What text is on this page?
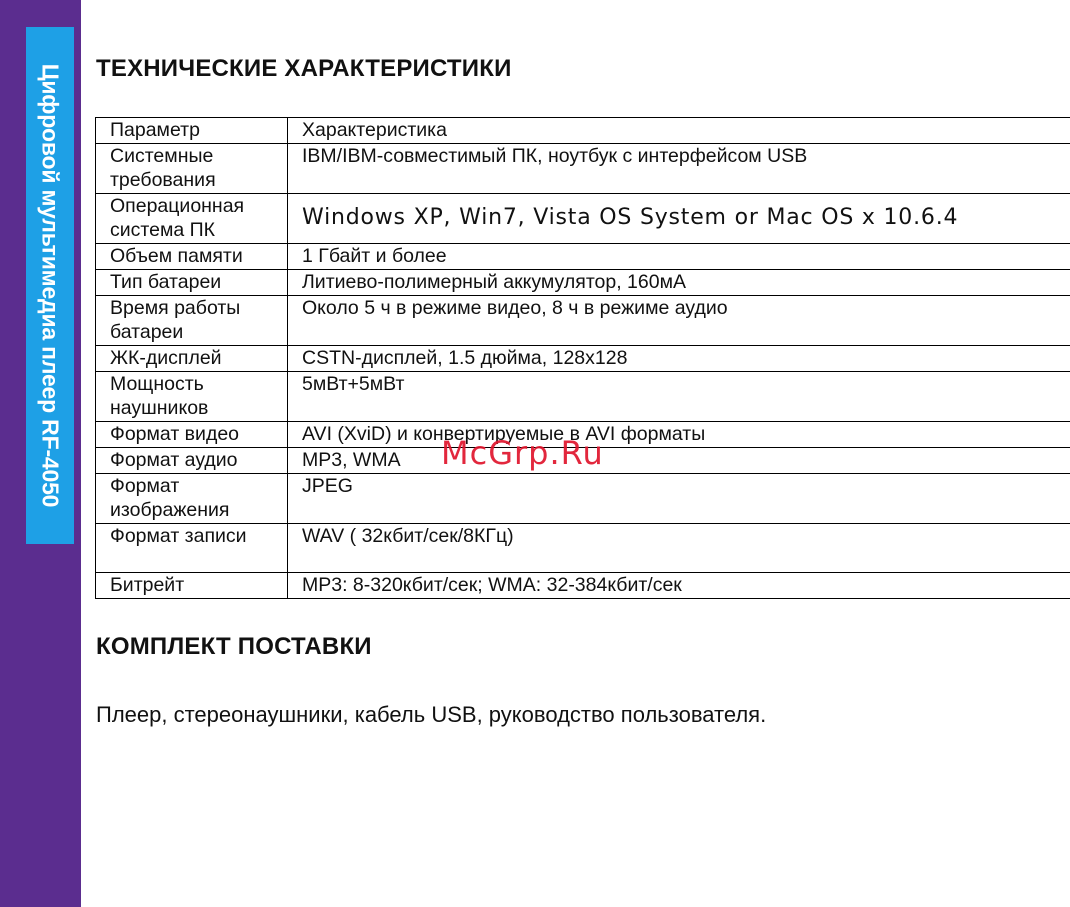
Цифровой мультимедиа плеер RF-4050 ТЕХНИЧЕСКИЕ ХАРАКТЕРИСТИКИ
Параметр	Характеристика
Системные требования	IBM/IBM-совместимый ПК, ноутбук с интерфейсом USB
Операционная система ПК	Windows XP, Win7, Vista OS System or Mac OS x 10.6.4
Объем памяти	1 Гбайт и более
Тип батареи	Литиево-полимерный аккумулятор, 160мА
Время работы батареи	Около 5 ч в режиме видео, 8 ч в режиме аудио
ЖК-дисплей	CSTN-дисплей, 1.5 дюйма, 128x128
Мощность наушников	5мВт+5мВт
Формат видео	AVI (XviD) и конвертируемые в AVI форматы
Формат аудио	MP3, WMA
Формат изображения	JPEG
Формат записи	WAV ( 32кбит/сек/8КГц)
Битрейт	MP3: 8-320кбит/сек; WMA: 32-384кбит/сек
McGrp.Ru
КОМПЛЕКТ ПОСТАВКИ

Плеер, стереонаушники, кабель USB, руководство пользователя.
